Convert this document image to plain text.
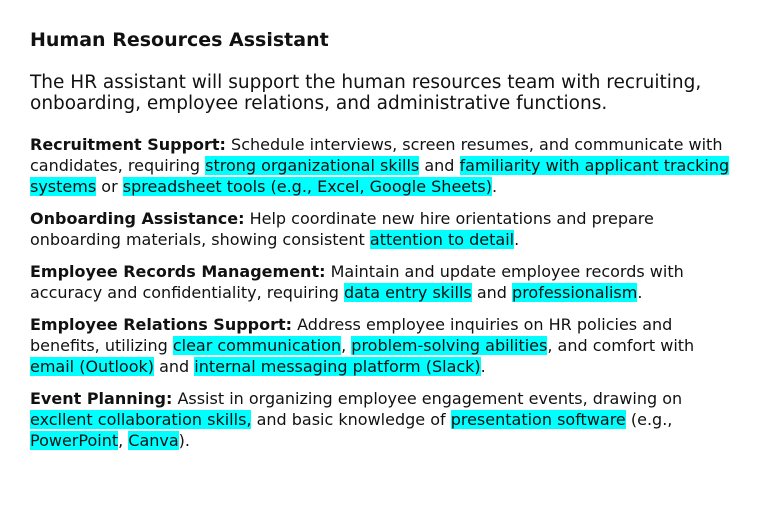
Human Resources Assistant

The HR assistant will support the human resources team with recruiting, onboarding, employee relations, and administrative functions.

Recruitment Support: Schedule interviews, screen resumes, and communicate with candidates, requiring strong organizational skills and familiarity with applicant tracking systems or spreadsheet tools (e.g., Excel, Google Sheets).

Onboarding Assistance: Help coordinate new hire orientations and prepare onboarding materials, showing consistent attention to detail.

Employee Records Management: Maintain and update employee records with accuracy and confidentiality, requiring data entry skills and professionalism.

Employee Relations Support: Address employee inquiries on HR policies and benefits, utilizing clear communication, problem-solving abilities, and comfort with email (Outlook) and internal messaging platform (Slack).

Event Planning: Assist in organizing employee engagement events, drawing on excllent collaboration skills, and basic knowledge of presentation software (e.g., PowerPoint, Canva).
